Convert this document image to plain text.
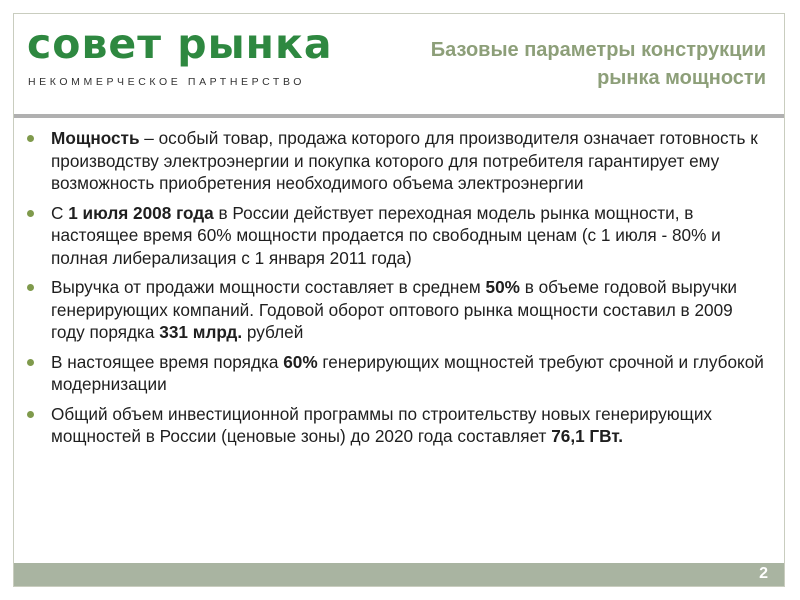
совет рынка
НЕКОММЕРЧЕСКОЕ ПАРТНЕРСТВО
Базовые параметры конструкции
рынка мощности
Мощность – особый товар, продажа которого для производителя означает готовность к производству электроэнергии и покупка которого для потребителя гарантирует ему возможность приобретения необходимого объема электроэнергии
С 1 июля 2008 года в России действует переходная модель рынка мощности, в настоящее время 60% мощности продается по свободным ценам (с 1 июля - 80% и полная либерализация с 1 января 2011 года)
Выручка от продажи мощности составляет в среднем 50% в объеме годовой выручки генерирующих компаний. Годовой оборот оптового рынка мощности составил в 2009 году порядка 331 млрд. рублей
В настоящее время порядка 60% генерирующих мощностей требуют срочной и глубокой модернизации
Общий объем инвестиционной программы по строительству новых генерирующих мощностей в России (ценовые зоны) до 2020 года составляет 76,1 ГВт.
2
